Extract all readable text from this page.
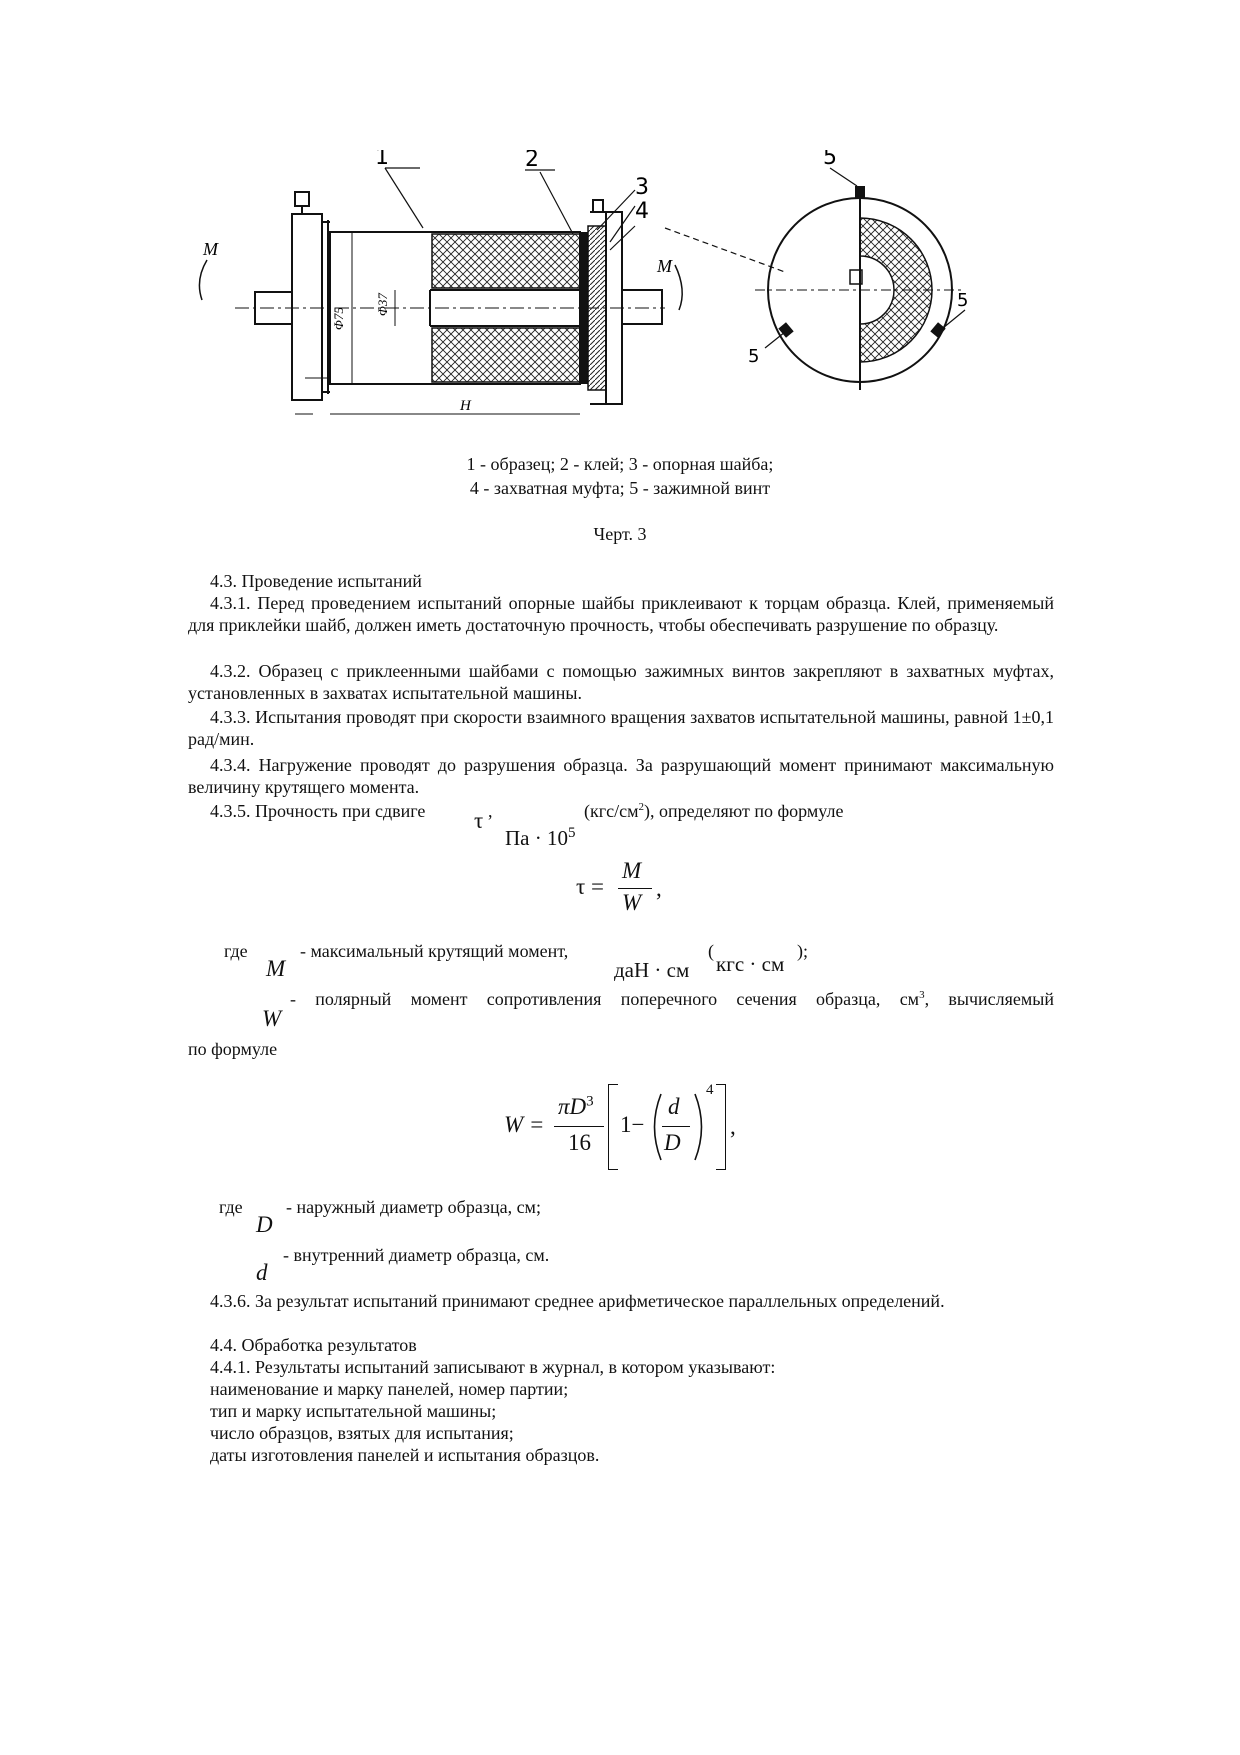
Φ75
Φ37
H
M
M
1	2
3
4
5
5
5
1 - образец; 2 - клей; 3 - опорная шайба;
4 - захватная муфта; 5 - зажимной винт
Черт. 3
4.3. Проведение испытаний
4.3.1. Перед проведением испытаний опорные шайбы приклеивают к торцам образца. Клей, применяемый для приклейки шайб, должен иметь достаточную прочность, чтобы обеспечивать разрушение по образцу.
4.3.2. Образец с приклеенными шайбами с помощью зажимных винтов закрепляют в захватных муфтах, установленных в захватах испытательной машины.
4.3.3. Испытания проводят при скорости взаимного вращения захватов испытательной машины, равной 1±0,1 рад/мин.
4.3.4. Нагружение проводят до разрушения образца. За разрушающий момент принимают максимальную величину крутящего момента.
4.3.5. Прочность при сдвиге τ ,	$(кгс/см^2)$, определяют по формуле
Па · $10^5$
τ =
M
W
,
где
M
- максимальный крутящий момент,
даН · см
(
кгс · см
);
W
- полярный момент сопротивления поперечного сечения образца, $см^3$, вычисляемый
по формуле
W =
$\pi D^3$
16
1−
d
D
4
,
где
D
- наружный диаметр образца, см;
d
- внутренний диаметр образца, см.
4.3.6. За результат испытаний принимают среднее арифметическое параллельных определений.
4.4. Обработка результатов
4.4.1. Результаты испытаний записывают в журнал, в котором указывают:
наименование и марку панелей, номер партии;
тип и марку испытательной машины;
число образцов, взятых для испытания;
даты изготовления панелей и испытания образцов.
